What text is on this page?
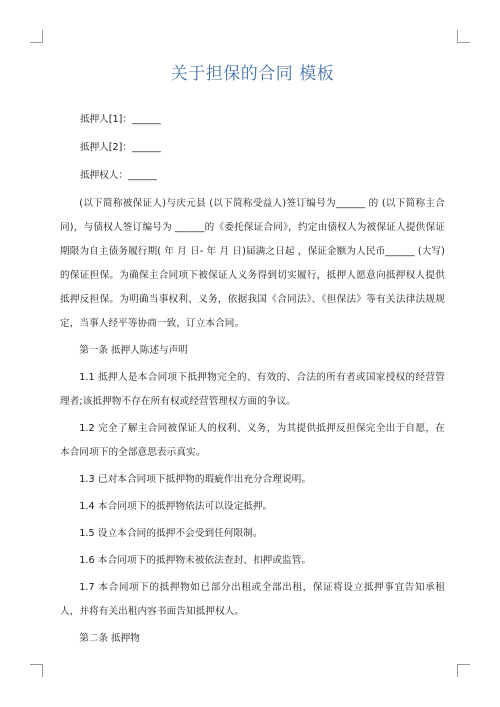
关于担保的合同 模板
抵押人[1]：______
抵押人[2]：______
抵押权人：______

(以下简称被保证人)与庆元县 (以下简称受益人)签订编号为______ 的 (以下简称主合同)，与债权人签订编号为 ______的《委托保证合同》，约定由债权人为被保证人提供保证期限为自主债务履行期( 年 月 日- 年 月 日)届满之日起 ，保证金额为人民币______ (大写)的保证担保。为确保主合同项下被保证人义务得到切实履行，抵押人愿意向抵押权人提供抵押反担保。为明确当事权利、义务，依据我国《合同法》、《担保法》等有关法律法规规定，当事人经平等协商一致，订立本合同。

第一条 抵押人陈述与声明

1.1 抵押人是本合同项下抵押物完全的、有效的、合法的所有者或国家授权的经营管理者;该抵押物不存在所有权或经营管理权方面的争议。

1.2 完全了解主合同被保证人的权利、义务，为其提供抵押反担保完全出于自愿，在本合同项下的全部意思表示真实。

1.3 已对本合同项下抵押物的瑕疵作出充分合理说明。

1.4 本合同项下的抵押物依法可以设定抵押。

1.5 设立本合同的抵押不会受到任何限制。

1.6 本合同项下的抵押物未被依法查封、扣押或监管。

1.7 本合同项下的抵押物如已部分出租或全部出租，保证将设立抵押事宜告知承租人，并将有关出租内容书面告知抵押权人。

第二条 抵押物
